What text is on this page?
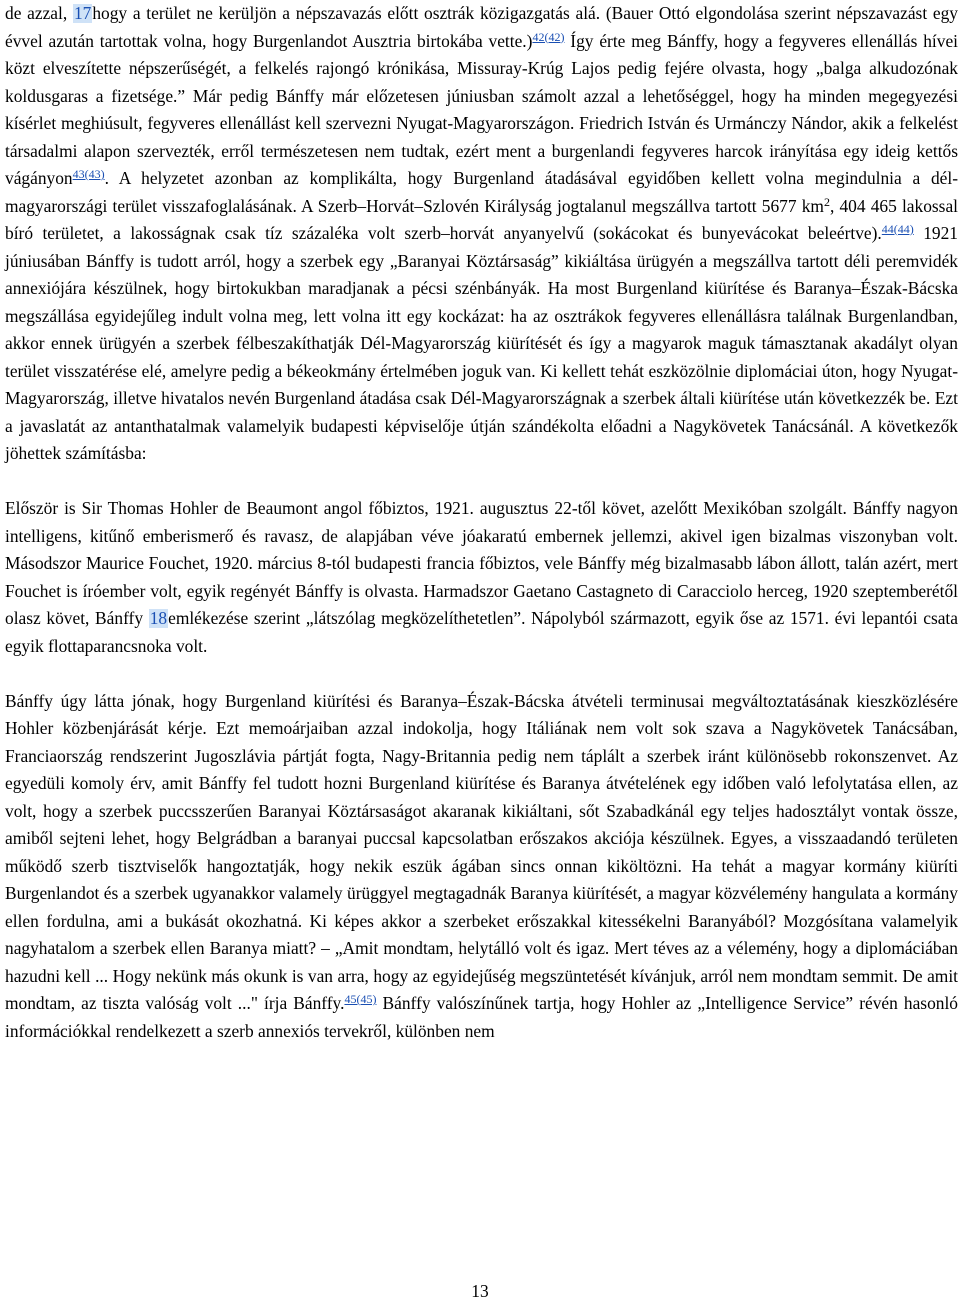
de azzal, 17hogy a terület ne kerüljön a népszavazás előtt osztrák közigazgatás alá. (Bauer Ottó elgondolása szerint népszavazást egy évvel azután tartottak volna, hogy Burgenlandot Ausztria birtokába vette.)$^{42(42)}$ Így érte meg Bánffy, hogy a fegyveres ellenállás hívei közt elveszítette népszerűségét, a felkelés rajongó krónikása, Missuray-Krúg Lajos pedig fejére olvasta, hogy „balga alkudozónak koldusgaras a fizetsége.” Már pedig Bánffy már előzetesen júniusban számolt azzal a lehetőséggel, hogy ha minden megegyezési kísérlet meghiúsult, fegyveres ellenállást kell szervezni Nyugat-Magyarországon. Friedrich István és Urmánczy Nándor, akik a felkelést társadalmi alapon szervezték, erről természetesen nem tudtak, ezért ment a burgenlandi fegyveres harcok irányítása egy ideig kettős vágányon$^{43(43)}$. A helyzetet azonban az komplikálta, hogy Burgenland átadásával egyidőben kellett volna megindulnia a dél-magyarországi terület visszafoglalásának. A Szerb–Horvát–Szlovén Királyság jogtalanul megszállva tartott 5677 $km^2$, 404 465 lakossal bíró területet, a lakosságnak csak tíz százaléka volt szerb–horvát anyanyelvű (sokácokat és bunyevácokat beleértve).$^{44(44)}$ 1921 júniusában Bánffy is tudott arról, hogy a szerbek egy „Baranyai Köztársaság” kikiáltása ürügyén a megszállva tartott déli peremvidék annexiójára készülnek, hogy birtokukban maradjanak a pécsi szénbányák. Ha most Burgenland kiürítése és Baranya–Észak-Bácska megszállása egyidejűleg indult volna meg, lett volna itt egy kockázat: ha az osztrákok fegyveres ellenállásra találnak Burgenlandban, akkor ennek ürügyén a szerbek félbeszakíthatják Dél-Magyarország kiürítését és így a magyarok maguk támasztanak akadályt olyan terület visszatérése elé, amelyre pedig a békeokmány értelmében joguk van. Ki kellett tehát eszközölnie diplomáciai úton, hogy Nyugat-Magyarország, illetve hivatalos nevén Burgenland átadása csak Dél-Magyarországnak a szerbek általi kiürítése után következzék be. Ezt a javaslatát az antanthatalmak valamelyik budapesti képviselője útján szándékolta előadni a Nagykövetek Tanácsánál. A következők jöhettek számításba:

Először is Sir Thomas Hohler de Beaumont angol főbiztos, 1921. augusztus 22-től követ, azelőtt Mexikóban szolgált. Bánffy nagyon intelligens, kitűnő emberismerő és ravasz, de alapjában véve jóakaratú embernek jellemzi, akivel igen bizalmas viszonyban volt. Másodszor Maurice Fouchet, 1920. március 8-tól budapesti francia főbiztos, vele Bánffy még bizalmasabb lábon állott, talán azért, mert Fouchet is íróember volt, egyik regényét Bánffy is olvasta. Harmadszor Gaetano Castagneto di Caracciolo herceg, 1920 szeptemberétől olasz követ, Bánffy 18emlékezése szerint „látszólag megközelíthetetlen”. Nápolyból származott, egyik őse az 1571. évi lepantói csata egyik flottaparancsnoka volt.

Bánffy úgy látta jónak, hogy Burgenland kiürítési és Baranya–Észak-Bácska átvételi terminusai megváltoztatásának kieszközlésére Hohler közbenjárását kérje. Ezt memoárjaiban azzal indokolja, hogy Itáliának nem volt sok szava a Nagykövetek Tanácsában, Franciaország rendszerint Jugoszlávia pártját fogta, Nagy-Britannia pedig nem táplált a szerbek iránt különösebb rokonszenvet. Az egyedüli komoly érv, amit Bánffy fel tudott hozni Burgenland kiürítése és Baranya átvételének egy időben való lefolytatása ellen, az volt, hogy a szerbek puccsszerűen Baranyai Köztársaságot akaranak kikiáltani, sőt Szabadkánál egy teljes hadosztályt vontak össze, amiből sejteni lehet, hogy Belgrádban a baranyai puccsal kapcsolatban erőszakos akciója készülnek. Egyes, a visszaadandó területen működő szerb tisztviselők hangoztatják, hogy nekik eszük ágában sincs onnan kiköltözni. Ha tehát a magyar kormány kiüríti Burgenlandot és a szerbek ugyanakkor valamely ürüggyel megtagadnák Baranya kiürítését, a magyar közvélemény hangulata a kormány ellen fordulna, ami a bukását okozhatná. Ki képes akkor a szerbeket erőszakkal kitessékelni Baranyából? Mozgósítana valamelyik nagyhatalom a szerbek ellen Baranya miatt? – „Amit mondtam, helytálló volt és igaz. Mert téves az a vélemény, hogy a diplomáciában hazudni kell ... Hogy nekünk más okunk is van arra, hogy az egyidejűség megszüntetését kívánjuk, arról nem mondtam semmit. De amit mondtam, az tiszta valóság volt ..." írja Bánffy.$^{45(45)}$ Bánffy valószínűnek tartja, hogy Hohler az „Intelligence Service” révén hasonló információkkal rendelkezett a szerb annexiós tervekről, különben nem

13
